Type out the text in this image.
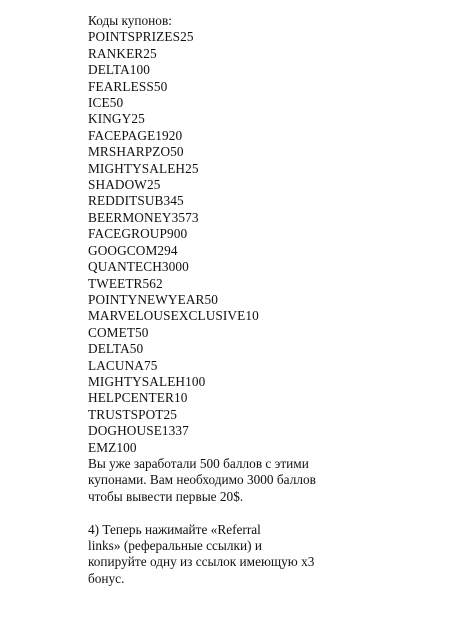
Коды купонов:
POINTSPRIZES25
RANKER25
DELTA100
FEARLESS50
ICE50
KINGY25
FACEPAGE1920
MRSHARPZO50
MIGHTYSALEH25
SHADOW25
REDDITSUB345
BEERMONEY3573
FACEGROUP900
GOOGCOM294
QUANTECH3000
TWEETR562
POINTYNEWYEAR50
MARVELOUSEXCLUSIVE10
COMET50
DELTA50
LACUNA75
MIGHTYSALEH100
HELPCENTER10
TRUSTSPOT25
DOGHOUSE1337
EMZ100
Вы уже заработали 500 баллов с этими
купонами. Вам необходимо 3000 баллов
чтобы вывести первые 20$.
4) Теперь нажимайте «Referral
links» (реферальные ссылки) и
копируйте одну из ссылок имеющую x3
бонус.
